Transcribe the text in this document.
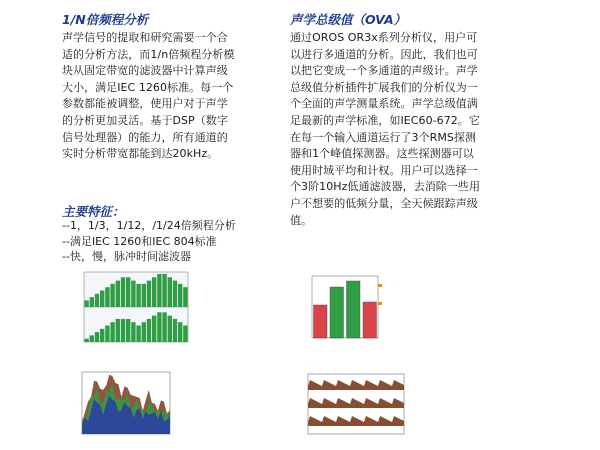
1/N倍频程分析

声学信号的提取和研究需要一个合

适的分析方法，而1/n倍频程分析模

块从固定带宽的滤波器中计算声级

大小，满足IEC 1260标准。每一个

参数都能被调整，使用户对于声学

的分析更加灵活。基于DSP（数字

信号处理器）的能力，所有通道的

实时分析带宽都能到达20kHz。

主要特征：

--1，1/3，1/12，/1/24倍频程分析
--满足IEC 1260和IEC 804标准
--快，慢，脉冲时间滤波器

声学总级值（OVA）

通过OROS OR3x系列分析仪，用户可

以进行多通道的分析。因此，我们也可

以把它变成一个多通道的声级计。声学

总级值分析插件扩展我们的分析仪为一

个全面的声学测量系统。声学总级值满

足最新的声学标准，如IEC60-672。它

在每一个输入通道运行了3个RMS探测

器和1个峰值探测器。这些探测器可以

使用时域平均和计权。用户可以选择一

个3阶10Hz低通滤波器，去消除一些用

户不想要的低频分量，全天候跟踪声级

值。
